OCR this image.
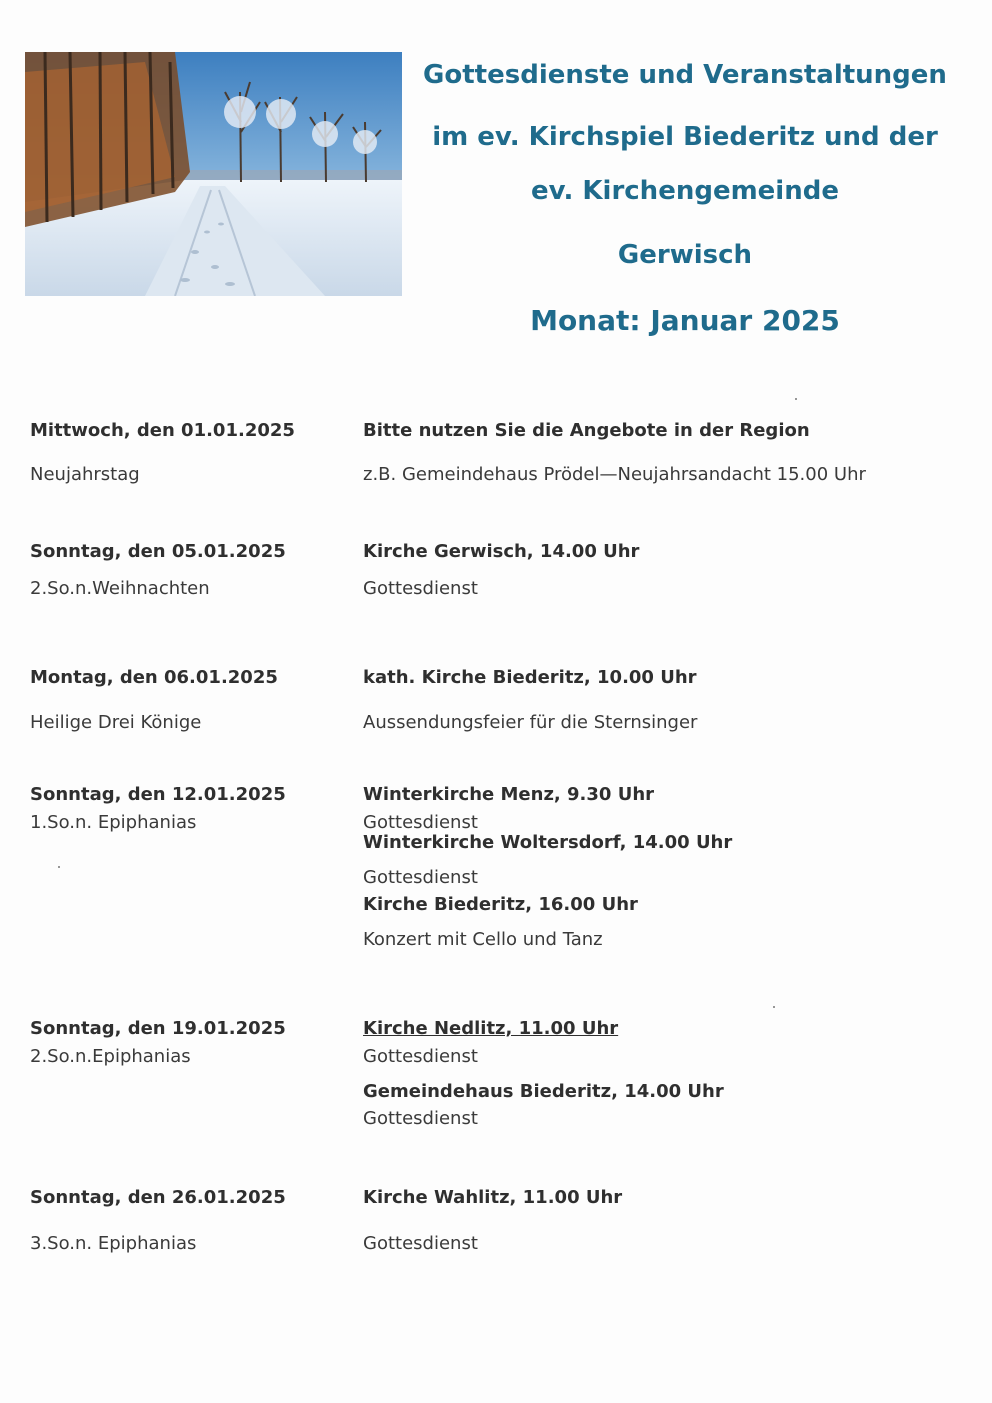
Gottesdienste und Veranstaltungen
im ev. Kirchspiel Biederitz und der
ev. Kirchengemeinde
Gerwisch
Monat: Januar 2025
Mittwoch, den 01.01.2025
Neujahrstag
Bitte nutzen Sie die Angebote in der Region
z.B. Gemeindehaus Prödel—Neujahrsandacht 15.00 Uhr
Sonntag, den 05.01.2025
2.So.n.Weihnachten
Kirche Gerwisch, 14.00 Uhr
Gottesdienst
Montag, den 06.01.2025
Heilige Drei Könige
kath. Kirche Biederitz, 10.00 Uhr
Aussendungsfeier für die Sternsinger
Sonntag, den 12.01.2025
1.So.n. Epiphanias
Winterkirche Menz, 9.30 Uhr
Gottesdienst
Winterkirche Woltersdorf, 14.00 Uhr
Gottesdienst
Kirche Biederitz, 16.00 Uhr
Konzert mit Cello und Tanz
Sonntag, den 19.01.2025
2.So.n.Epiphanias
Kirche Nedlitz, 11.00 Uhr
Gottesdienst
Gemeindehaus Biederitz, 14.00 Uhr
Gottesdienst
Sonntag, den 26.01.2025
3.So.n. Epiphanias
Kirche Wahlitz, 11.00 Uhr
Gottesdienst
